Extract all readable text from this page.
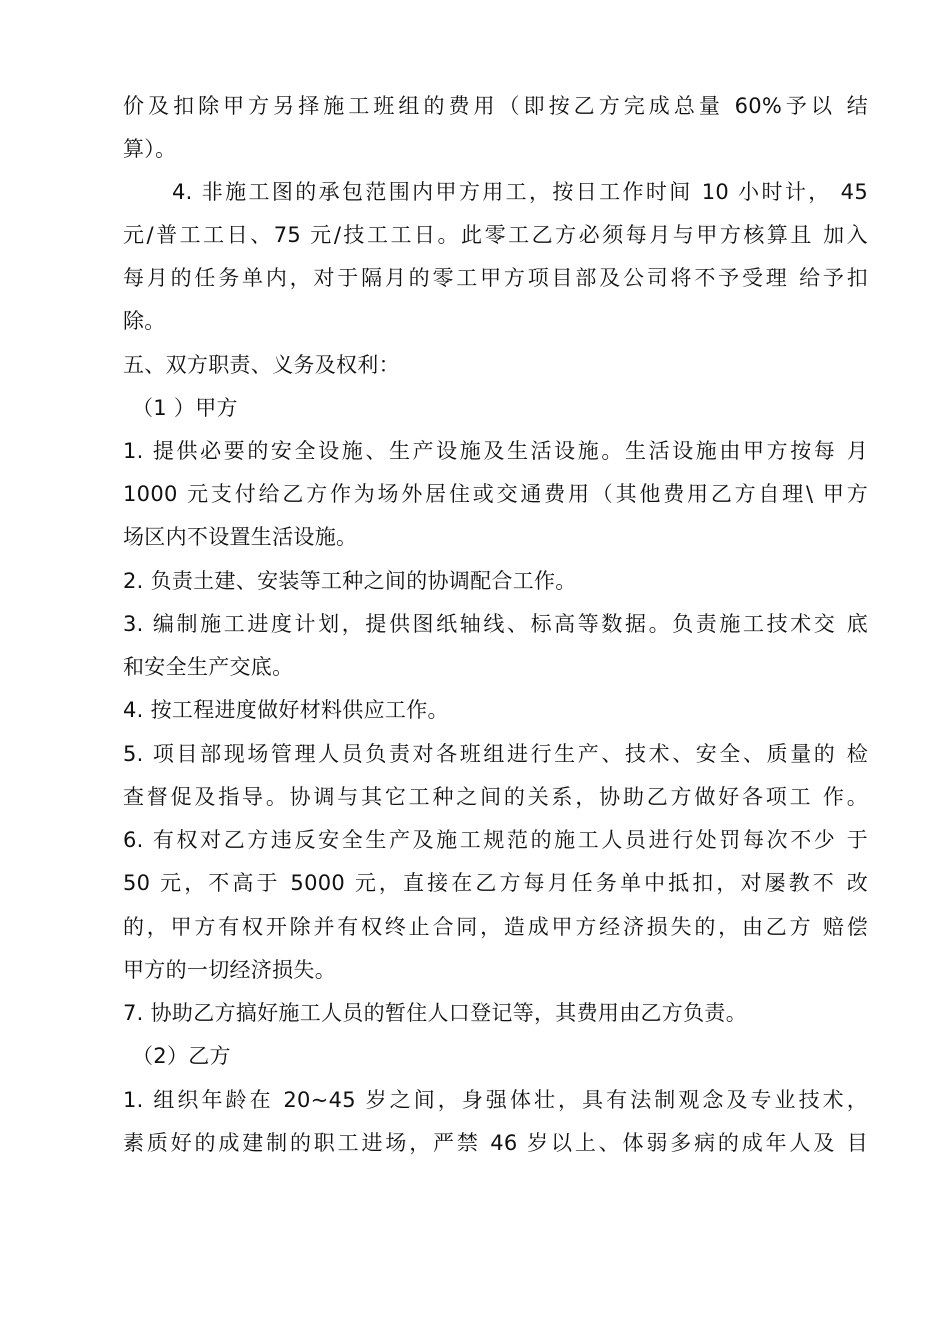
价及扣除甲方另择施工班组的费用（即按乙方完成总量 60%予以 结
算）。
4. 非施工图的承包范围内甲方用工，按日工作时间 10 小时计， 45
元/普工工日、75 元/技工工日。此零工乙方必须每月与甲方核算且 加入
每月的任务单内，对于隔月的零工甲方项目部及公司将不予受理 给予扣
除。
五、双方职责、义务及权利：
（1 ）甲方
1. 提供必要的安全设施、生产设施及生活设施。生活设施由甲方按每 月
1000 元支付给乙方作为场外居住或交通费用（其他费用乙方自理\ 甲方
场区内不设置生活设施。
2. 负责土建、安装等工种之间的协调配合工作。
3. 编制施工进度计划，提供图纸轴线、标高等数据。负责施工技术交 底
和安全生产交底。
4. 按工程进度做好材料供应工作。
5. 项目部现场管理人员负责对各班组进行生产、技术、安全、质量的 检
查督促及指导。协调与其它工种之间的关系，协助乙方做好各项工 作。
6. 有权对乙方违反安全生产及施工规范的施工人员进行处罚每次不少 于
50 元，不高于 5000 元，直接在乙方每月任务单中抵扣，对屡教不 改
的，甲方有权开除并有权终止合同，造成甲方经济损失的，由乙方 赔偿
甲方的一切经济损失。
7. 协助乙方搞好施工人员的暂住人口登记等，其费用由乙方负责。
（2）乙方
1. 组织年龄在 20~45 岁之间，身强体壮，具有法制观念及专业技术，
素质好的成建制的职工进场，严禁 46 岁以上、体弱多病的成年人及 目
